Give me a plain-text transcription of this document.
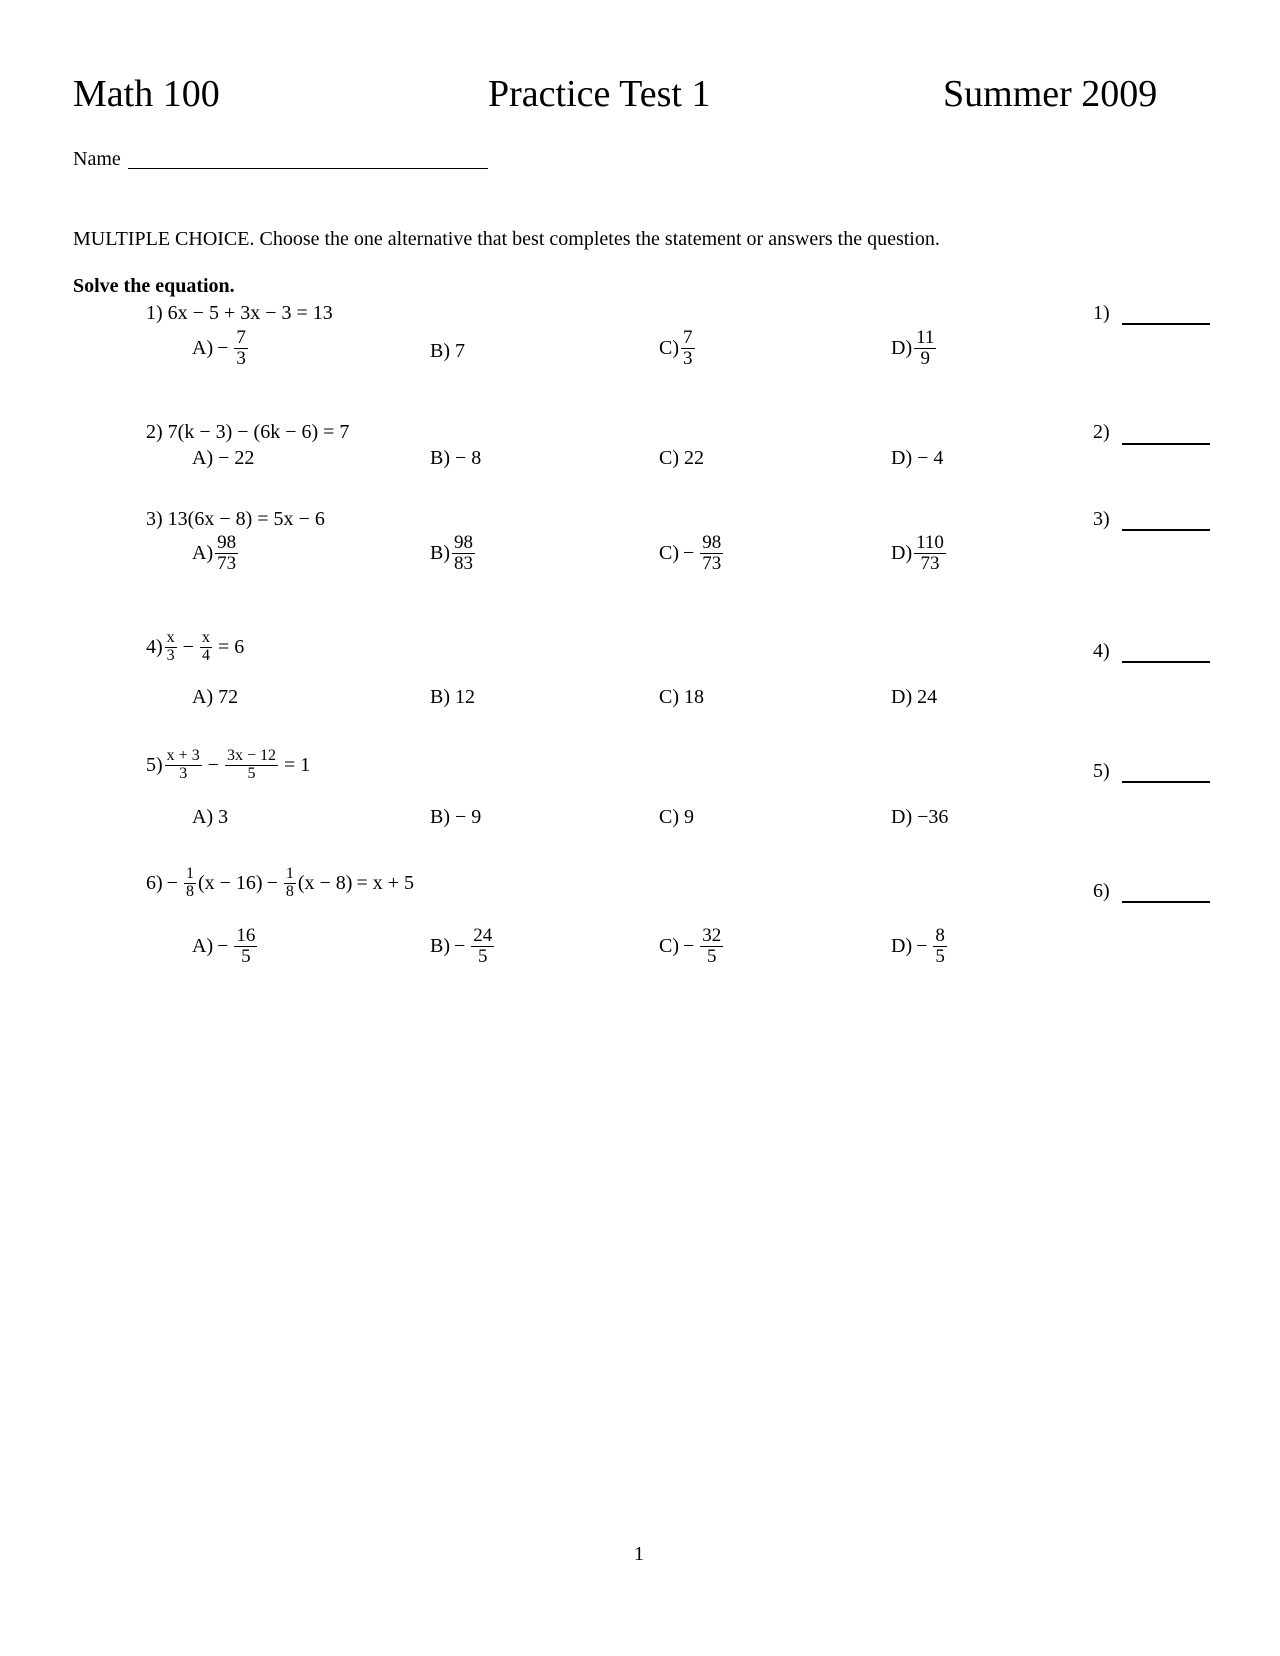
Math 100	Practice Test 1	Summer 2009
Name
MULTIPLE CHOICE. Choose the one alternative that best completes the statement or answers the question.
Solve the equation.
1) 6x − 5 + 3x − 3 = 13	1)
$A) - \frac{7}{3}$	B) 7	$C) \frac{7}{3}$	$D) \frac{11}{9}$
2) 7(k − 3) − (6k − 6) = 7	2)
A) − 22	B) − 8	C) 22	D) − 4
3) 13(6x − 8) = 5x − 6	3)
$A) \frac{98}{73}$	$B) \frac{98}{83}$	$C) - \frac{98}{73}$	$D) \frac{110}{73}$
$4) \frac{x}{3} - \frac{x}{4} = 6$	4)
A) 72	B) 12	C) 18	D) 24
$5) \frac{x + 3}{3} - \frac{3x - 12}{5} = 1$	5)
A) 3	B) − 9	C) 9	D) −36
$6) - \frac{1}{8} (x - 16) - \frac{1}{8} (x - 8) = x + 5$	6)
$A) - \frac{16}{5}$	$B) - \frac{24}{5}$	$C) - \frac{32}{5}$	$D) - \frac{8}{5}$
1
